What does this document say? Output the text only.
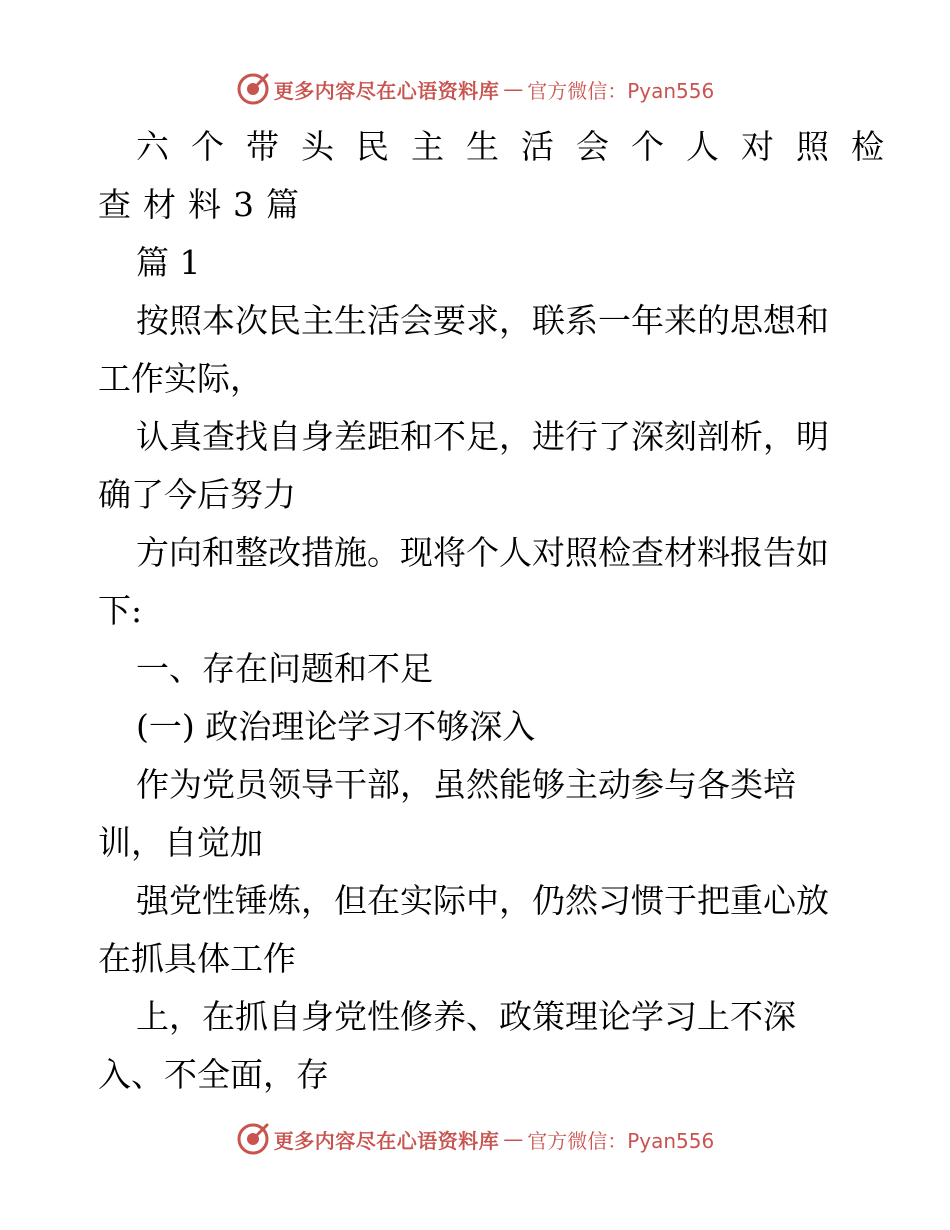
更多内容尽在心语资料库 — 官方微信：Pyan556

六个带头民主生活会个人对照检

查材料3篇

篇 1

按照本次民主生活会要求，联系一年来的思想和

工作实际，

认真查找自身差距和不足，进行了深刻剖析，明

确了今后努力

方向和整改措施。现将个人对照检查材料报告如

下:

一、存在问题和不足

(一) 政治理论学习不够深入

作为党员领导干部，虽然能够主动参与各类培

训，自觉加

强党性锤炼，但在实际中，仍然习惯于把重心放

在抓具体工作

上，在抓自身党性修养、政策理论学习上不深

入、不全面，存

更多内容尽在心语资料库 — 官方微信：Pyan556
